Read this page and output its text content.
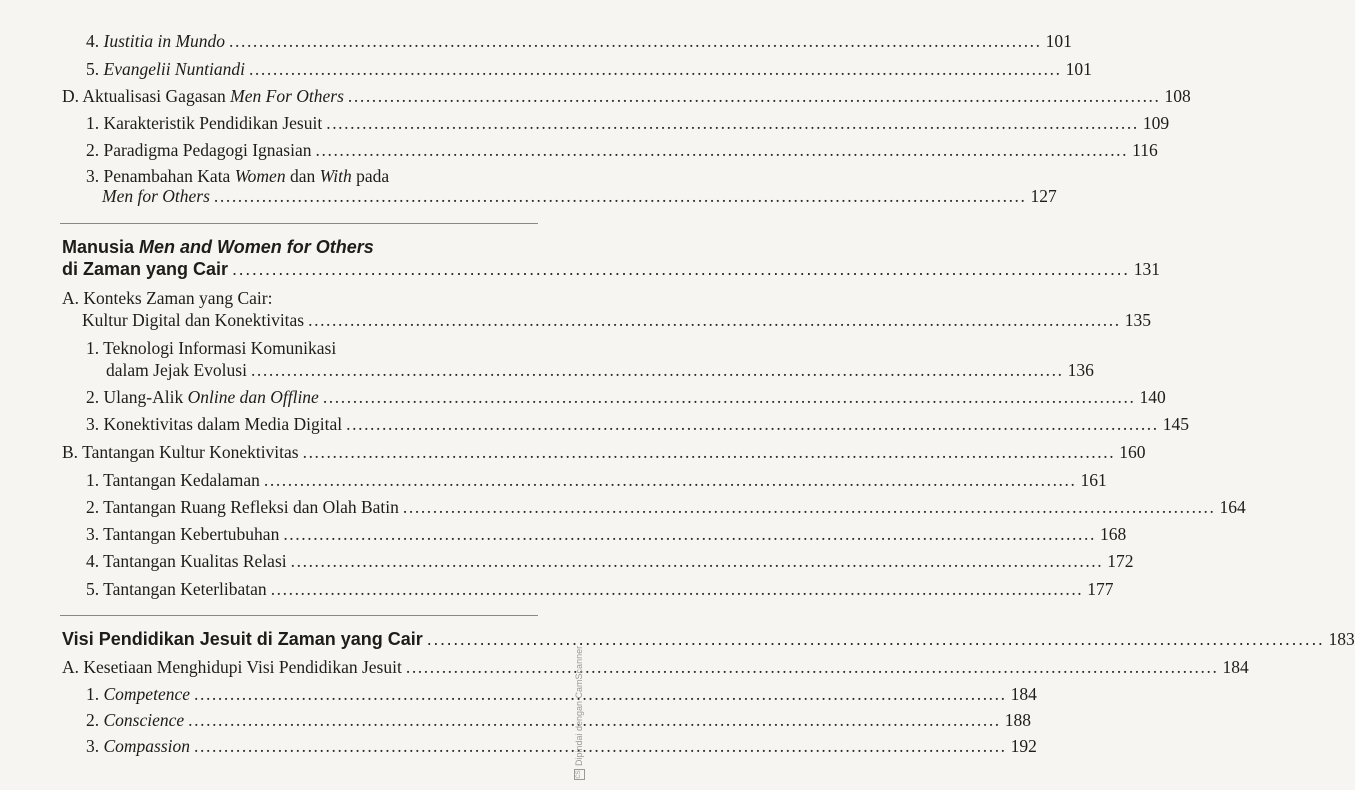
4. Iustitia in Mundo ........................................................................................................................................ 101
5. Evangelii Nuntiandi ........................................................................................................................................ 101
D. Aktualisasi Gagasan Men For Others ........................................................................................................................................ 108
1. Karakteristik Pendidikan Jesuit ........................................................................................................................................ 109
2. Paradigma Pedagogi Ignasian ........................................................................................................................................ 116
3. Penambahan Kata Women dan With pada
Men for Others ........................................................................................................................................ 127
Manusia Men and Women for Others
di Zaman yang Cair ........................................................................................................................................ 131
A. Konteks Zaman yang Cair:
Kultur Digital dan Konektivitas ........................................................................................................................................ 135
1. Teknologi Informasi Komunikasi
dalam Jejak Evolusi ........................................................................................................................................ 136
2. Ulang-Alik Online dan Offline ........................................................................................................................................ 140
3. Konektivitas dalam Media Digital ........................................................................................................................................ 145
B. Tantangan Kultur Konektivitas ........................................................................................................................................ 160
1. Tantangan Kedalaman ........................................................................................................................................ 161
2. Tantangan Ruang Refleksi dan Olah Batin ........................................................................................................................................ 164
3. Tantangan Kebertubuhan ........................................................................................................................................ 168
4. Tantangan Kualitas Relasi ........................................................................................................................................ 172
5. Tantangan Keterlibatan ........................................................................................................................................ 177
Visi Pendidikan Jesuit di Zaman yang Cair ........................................................................................................................................ 183
A. Kesetiaan Menghidupi Visi Pendidikan Jesuit ........................................................................................................................................ 184
1. Competence ........................................................................................................................................ 184
2. Conscience ........................................................................................................................................ 188
3. Compassion ........................................................................................................................................ 192
CSDipindai dengan CamScanner
